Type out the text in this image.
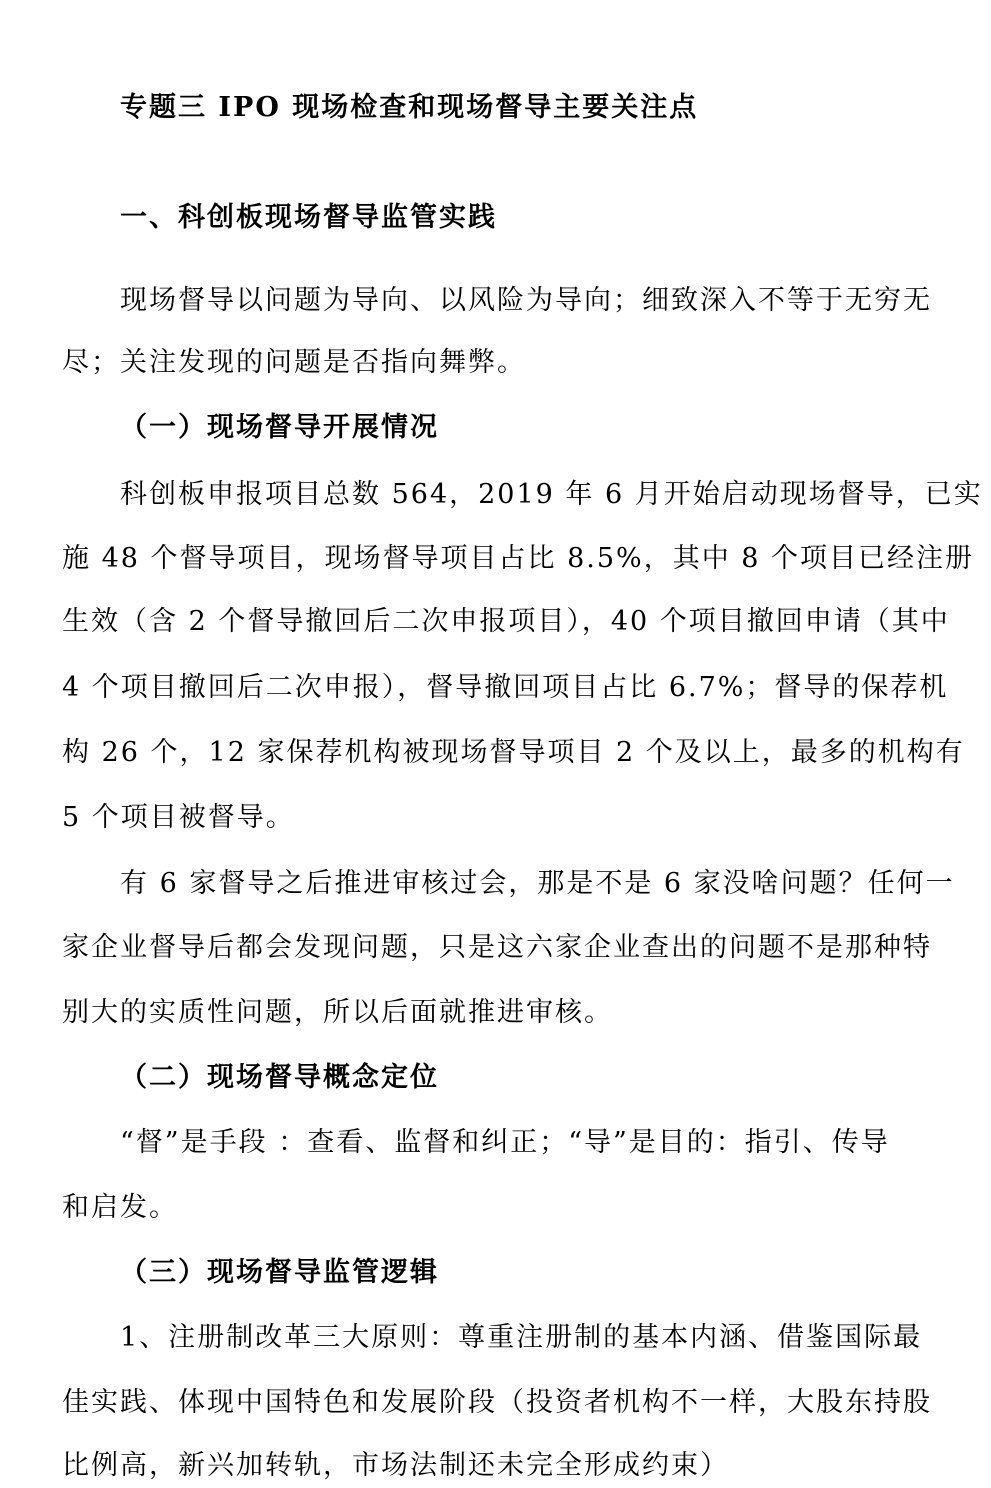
专题三 IPO 现场检查和现场督导主要关注点
一、科创板现场督导监管实践
现场督导以问题为导向、以风险为导向；细致深入不等于无穷无
尽；关注发现的问题是否指向舞弊。
（一）现场督导开展情况
科创板申报项目总数 564，2019 年 6 月开始启动现场督导，已实
施 48 个督导项目，现场督导项目占比 8.5%，其中 8 个项目已经注册
生效（含 2 个督导撤回后二次申报项目），40 个项目撤回申请（其中
4 个项目撤回后二次申报），督导撤回项目占比 6.7%；督导的保荐机
构 26 个，12 家保荐机构被现场督导项目 2 个及以上，最多的机构有
5 个项目被督导。
有 6 家督导之后推进审核过会，那是不是 6 家没啥问题？任何一
家企业督导后都会发现问题，只是这六家企业查出的问题不是那种特
别大的实质性问题，所以后面就推进审核。
（二）现场督导概念定位
“督”是手段 ：查看、监督和纠正；“导”是目的：指引、传导
和启发。
（三）现场督导监管逻辑
1、注册制改革三大原则：尊重注册制的基本内涵、借鉴国际最
佳实践、体现中国特色和发展阶段（投资者机构不一样，大股东持股
比例高，新兴加转轨，市场法制还未完全形成约束）
